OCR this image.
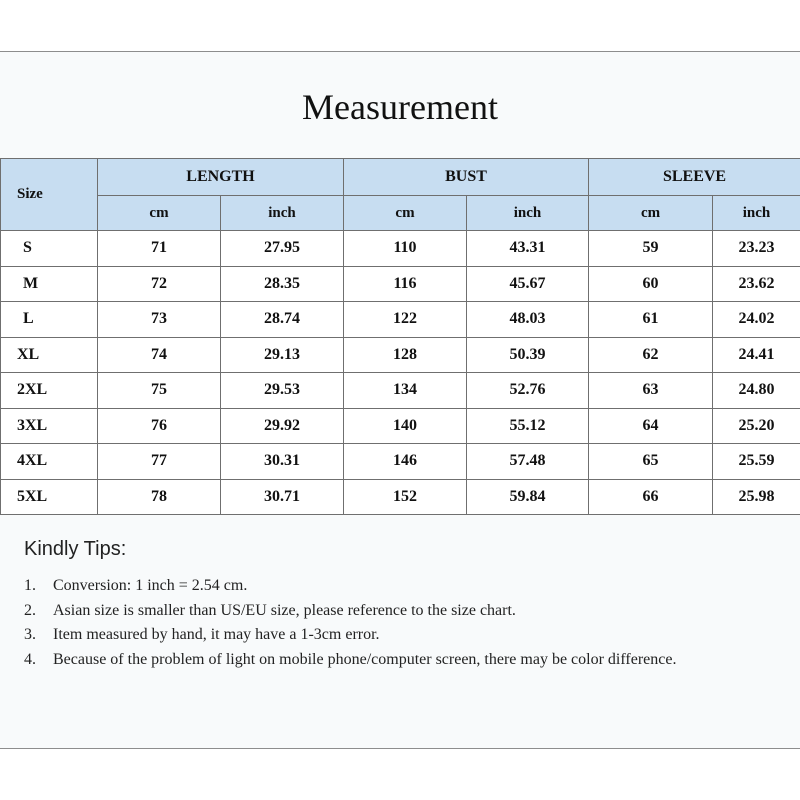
Measurement
Size	LENGTH		BUST		SLEEVE	
	cm	inch	cm	inch	cm	inch
S	71	27.95	110	43.31	59	23.23
M	72	28.35	116	45.67	60	23.62
L	73	28.74	122	48.03	61	24.02
XL	74	29.13	128	50.39	62	24.41
2XL	75	29.53	134	52.76	63	24.80
3XL	76	29.92	140	55.12	64	25.20
4XL	77	30.31	146	57.48	65	25.59
5XL	78	30.71	152	59.84	66	25.98
Kindly Tips:
1.	Conversion: 1 inch = 2.54 cm.
2.	Asian size is smaller than US/EU size, please reference to the size chart.
3.	Item measured by hand, it may have a 1-3cm error.
4.	Because of the problem of light on mobile phone/computer screen, there may be color difference.
